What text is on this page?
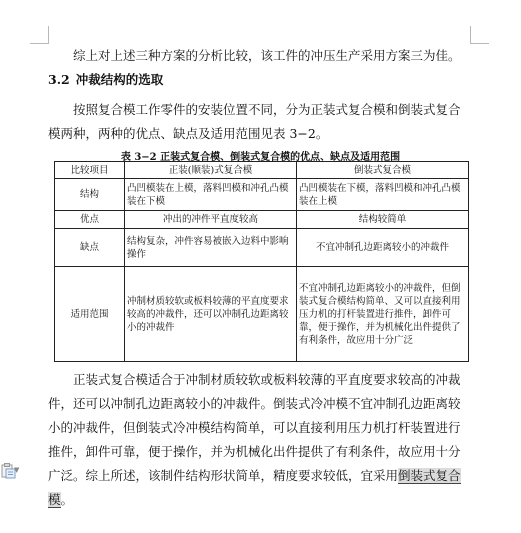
综上对上述三种方案的分析比较，该工件的冲压生产采用方案三为佳。

3.2 冲裁结构的选取

按照复合模工作零件的安装位置不同，分为正装式复合模和倒装式复合模两种，两种的优点、缺点及适用范围见表 3−2。

表 3−2 正装式复合模、倒装式复合模的优点、缺点及适用范围

比较项目	正装(顺装)式复合模	倒装式复合模
结构	凸凹模装在上模，落料凹模和冲孔凸模装在下模	凸凹模装在下模，落料凹模和冲孔凸模装在上模
优点	冲出的冲件平直度较高	结构较简单
缺点	结构复杂，冲件容易被嵌入边料中影响操作	不宜冲制孔边距离较小的冲裁件
适用范围	冲制材质较软或板料较薄的平直度要求较高的冲裁件，还可以冲制孔边距离较小的冲裁件	不宜冲制孔边距离较小的冲裁件，但倒装式复合模结构简单、又可以直接利用压力机的打杆装置进行推件，卸件可靠，便于操作，并为机械化出件提供了有利条件，故应用十分广泛

正装式复合模适合于冲制材质较软或板料较薄的平直度要求较高的冲裁件，还可以冲制孔边距离较小的冲裁件。倒装式冷冲模不宜冲制孔边距离较小的冲裁件，但倒装式冷冲模结构简单，可以直接利用压力机打杆装置进行推件，卸件可靠，便于操作，并为机械化出件提供了有利条件，故应用十分广泛。综上所述，该制件结构形状简单，精度要求较低，宜采用倒装式复合模。

▼
